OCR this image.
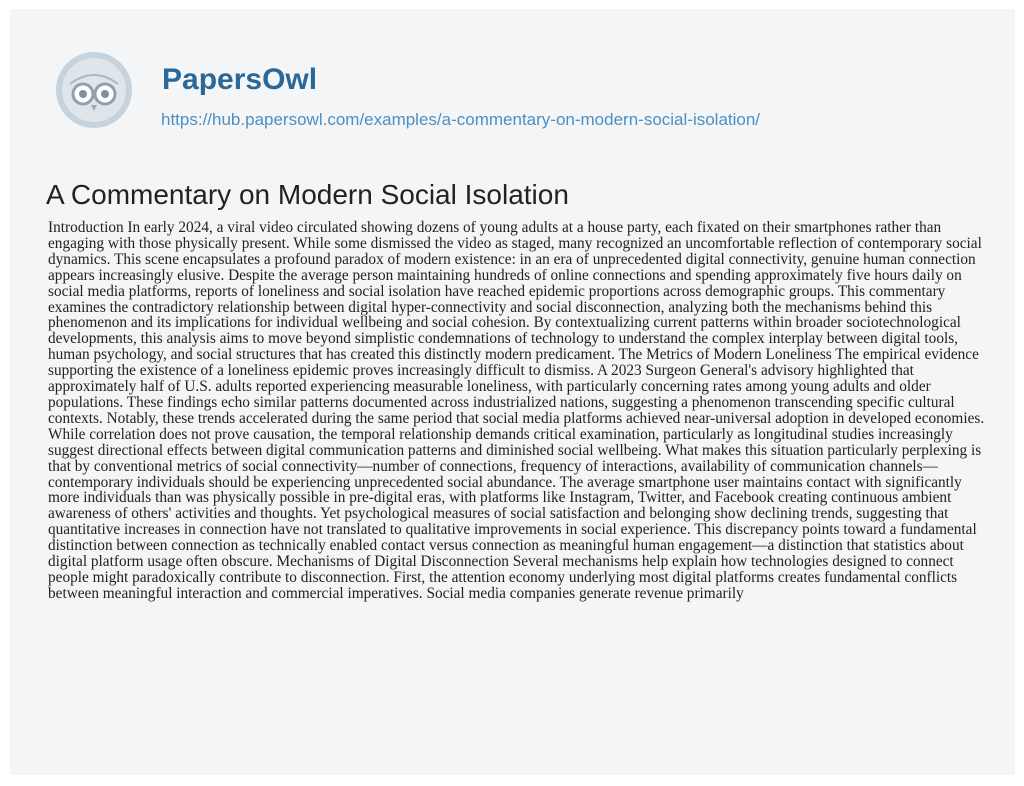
PapersOwl
https://hub.papersowl.com/examples/a-commentary-on-modern-social-isolation/
A Commentary on Modern Social Isolation

Introduction In early 2024, a viral video circulated showing dozens of young adults at a house party, each fixated on their smartphones rather than engaging with those physically present. While some dismissed the video as staged, many recognized an uncomfortable reflection of contemporary social dynamics. This scene encapsulates a profound paradox of modern existence: in an era of unprecedented digital connectivity, genuine human connection appears increasingly elusive. Despite the average person maintaining hundreds of online connections and spending approximately five hours daily on social media platforms, reports of loneliness and social isolation have reached epidemic proportions across demographic groups. This commentary examines the contradictory relationship between digital hyper-connectivity and social disconnection, analyzing both the mechanisms behind this phenomenon and its implications for individual wellbeing and social cohesion. By contextualizing current patterns within broader sociotechnological developments, this analysis aims to move beyond simplistic condemnations of technology to understand the complex interplay between digital tools, human psychology, and social structures that has created this distinctly modern predicament. The Metrics of Modern Loneliness The empirical evidence supporting the existence of a loneliness epidemic proves increasingly difficult to dismiss. A 2023 Surgeon General's advisory highlighted that approximately half of U.S. adults reported experiencing measurable loneliness, with particularly concerning rates among young adults and older populations. These findings echo similar patterns documented across industrialized nations, suggesting a phenomenon transcending specific cultural contexts. Notably, these trends accelerated during the same period that social media platforms achieved near-universal adoption in developed economies. While correlation does not prove causation, the temporal relationship demands critical examination, particularly as longitudinal studies increasingly suggest directional effects between digital communication patterns and diminished social wellbeing. What makes this situation particularly perplexing is that by conventional metrics of social connectivity—number of connections, frequency of interactions, availability of communication channels—contemporary individuals should be experiencing unprecedented social abundance. The average smartphone user maintains contact with significantly more individuals than was physically possible in pre-digital eras, with platforms like Instagram, Twitter, and Facebook creating continuous ambient awareness of others' activities and thoughts. Yet psychological measures of social satisfaction and belonging show declining trends, suggesting that quantitative increases in connection have not translated to qualitative improvements in social experience. This discrepancy points toward a fundamental distinction between connection as technically enabled contact versus connection as meaningful human engagement—a distinction that statistics about digital platform usage often obscure. Mechanisms of Digital Disconnection Several mechanisms help explain how technologies designed to connect people might paradoxically contribute to disconnection. First, the attention economy underlying most digital platforms creates fundamental conflicts between meaningful interaction and commercial imperatives. Social media companies generate revenue primarily
